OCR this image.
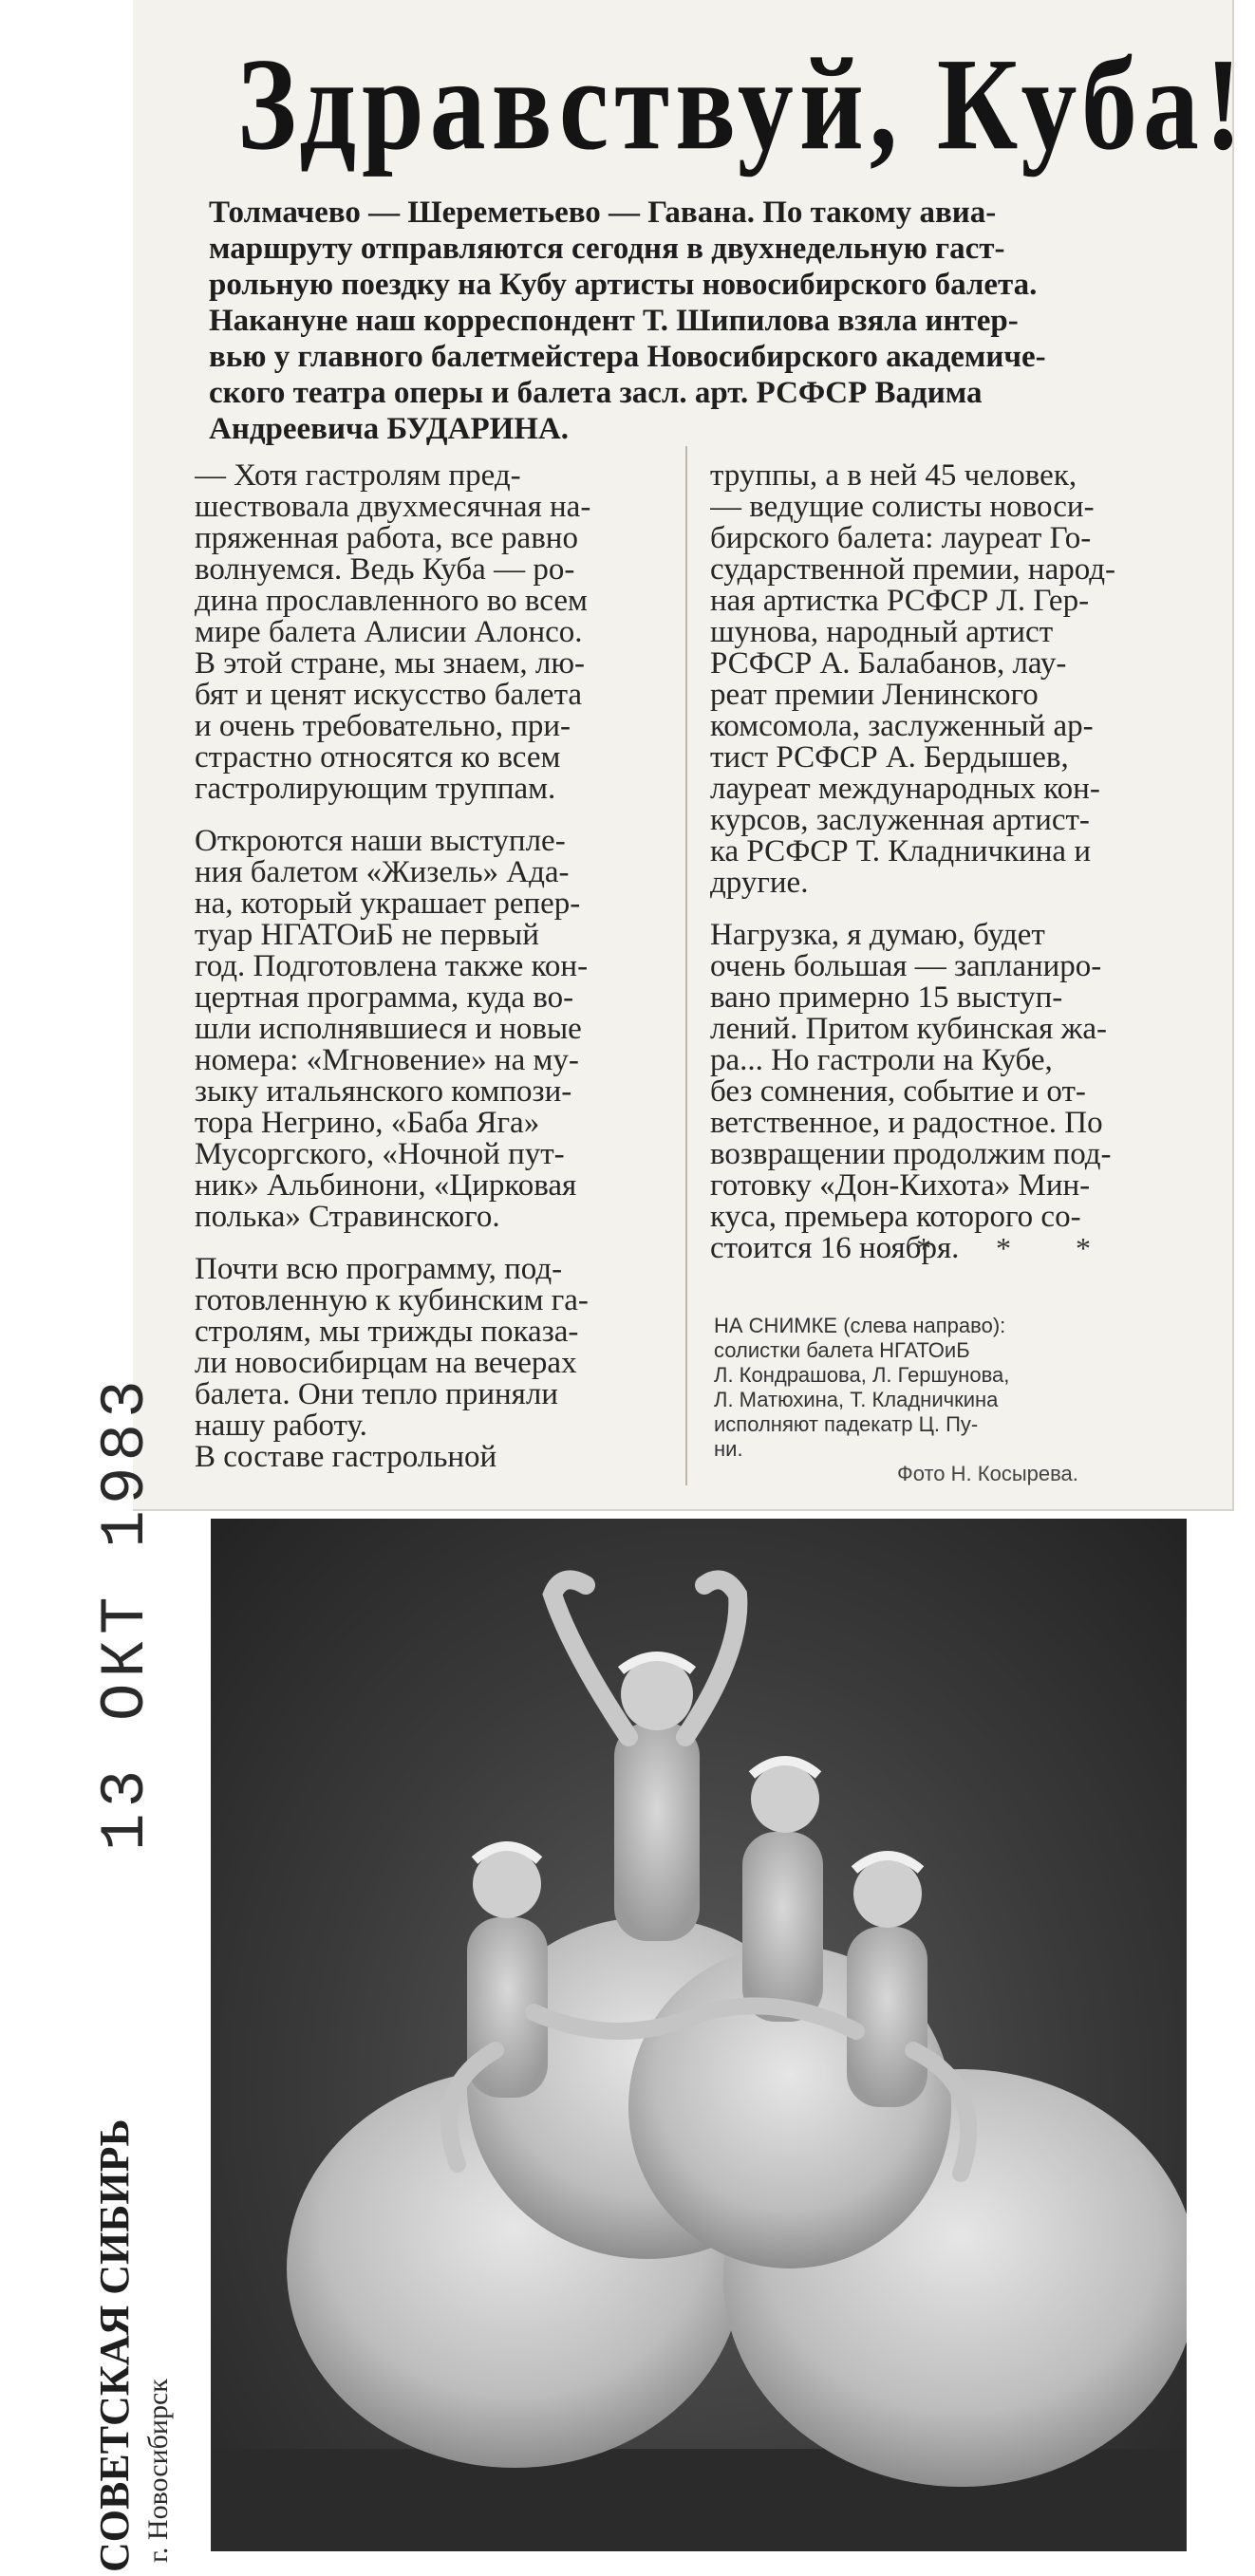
Здравствуй, Куба!
Толмачево — Шереметьево — Гавана. По такому авиа-
маршруту отправляются сегодня в двухнедельную гаст-
рольную поездку на Кубу артисты новосибирского балета.
Накануне наш корреспондент Т. Шипилова взяла интер-
вью у главного балетмейстера Новосибирского академиче-
ского театра оперы и балета засл. арт. РСФСР Вадима
Андреевича БУДАРИНА.
— Хотя гастролям пред-
шествовала двухмесячная на-
пряженная работа, все равно
волнуемся. Ведь Куба — ро-
дина прославленного во всем
мире балета Алисии Алонсо.
В этой стране, мы знаем, лю-
бят и ценят искусство балета
и очень требовательно, при-
страстно относятся ко всем
гастролирующим труппам.
Откроются наши выступле-
ния балетом «Жизель» Ада-
на, который украшает репер-
туар НГАТОиБ не первый
год. Подготовлена также кон-
цертная программа, куда во-
шли исполнявшиеся и новые
номера: «Мгновение» на му-
зыку итальянского компози-
тора Негрино, «Баба Яга»
Мусоргского, «Ночной пут-
ник» Альбинони, «Цирковая
полька» Стравинского.
Почти всю программу, под-
готовленную к кубинским га-
стролям, мы трижды показа-
ли новосибирцам на вечерах
балета. Они тепло приняли
нашу работу.
В составе гастрольной
труппы, а в ней 45 человек,
— ведущие солисты новоси-
бирского балета: лауреат Го-
сударственной премии, народ-
ная артистка РСФСР Л. Гер-
шунова, народный артист
РСФСР А. Балабанов, лау-
реат премии Ленинского
комсомола, заслуженный ар-
тист РСФСР А. Бердышев,
лауреат международных кон-
курсов, заслуженная артист-
ка РСФСР Т. Кладничкина и
другие.
Нагрузка, я думаю, будет
очень большая — запланиро-
вано примерно 15 выступ-
лений. Притом кубинская жа-
ра... Но гастроли на Кубе,
без сомнения, событие и от-
ветственное, и радостное. По
возвращении продолжим под-
готовку «Дон-Кихота» Мин-
куса, премьера которого со-
стоится 16 ноября.
* * *
НА СНИМКЕ (слева направо):
солистки балета НГАТОиБ
Л. Кондрашова, Л. Гершунова,
Л. Матюхина, Т. Кладничкина
исполняют падекатр Ц. Пу-
ни.
Фото Н. Косырева.
13 ОКТ 1983
СОВЕТСКАЯ СИБИРЬ г. Новосибирск
